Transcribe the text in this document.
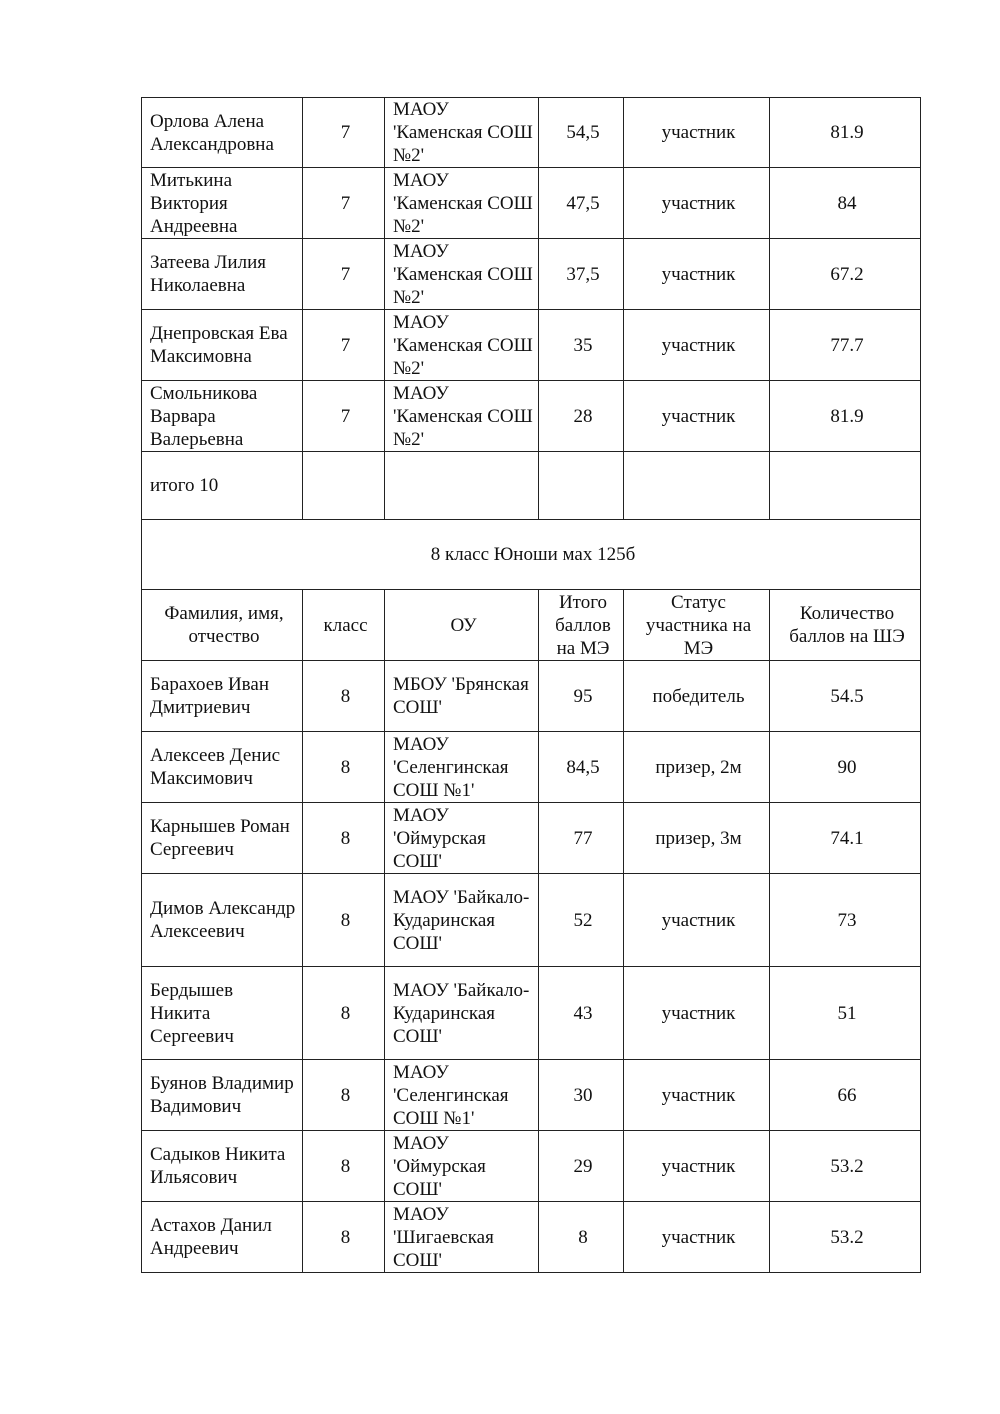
Орлова Алена Александровна	7	МАОУ 'Каменская СОШ №2'	54,5	участник	81.9
Митькина Виктория Андреевна	7	МАОУ 'Каменская СОШ №2'	47,5	участник	84
Затеева Лилия Николаевна	7	МАОУ 'Каменская СОШ №2'	37,5	участник	67.2
Днепровская Ева Максимовна	7	МАОУ 'Каменская СОШ №2'	35	участник	77.7
Смольникова Варвара Валерьевна	7	МАОУ 'Каменская СОШ №2'	28	участник	81.9
итого 10					
8 класс Юноши мах 125б					
Фамилия, имя, отчество	класс	ОУ	Итого баллов на МЭ	Статус участника на МЭ	Количество баллов на ШЭ
Барахоев Иван Дмитриевич	8	МБОУ 'Брянская СОШ'	95	победитель	54.5
Алексеев Денис Максимович	8	МАОУ 'Селенгинская СОШ №1'	84,5	призер, 2м	90
Карнышев Роман Сергеевич	8	МАОУ 'Оймурская СОШ'	77	призер, 3м	74.1
Димов Александр Алексеевич	8	МАОУ 'Байкало-Кударинская СОШ'	52	участник	73
Бердышев Никита Сергеевич	8	МАОУ 'Байкало-Кударинская СОШ'	43	участник	51
Буянов Владимир Вадимович	8	МАОУ 'Селенгинская СОШ №1'	30	участник	66
Садыков Никита Ильясович	8	МАОУ 'Оймурская СОШ'	29	участник	53.2
Астахов Данил Андреевич	8	МАОУ 'Шигаевская СОШ'	8	участник	53.2
